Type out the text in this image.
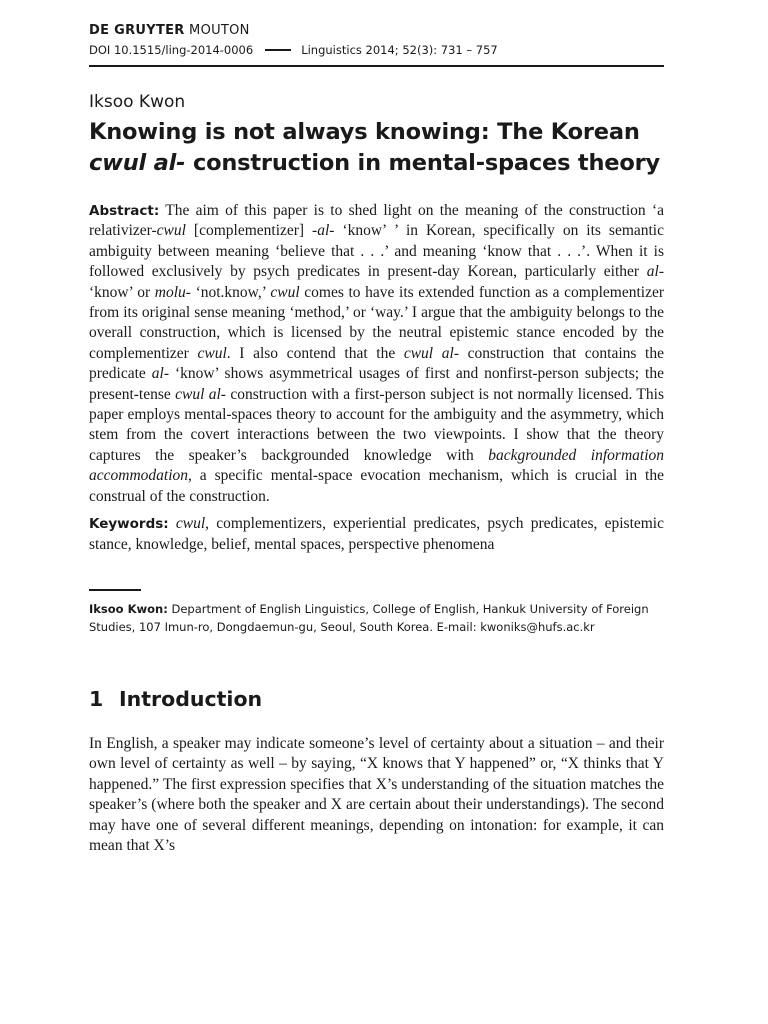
DE GRUYTER MOUTON
DOI 10.1515/ling-2014-0006	Linguistics 2014; 52(3): 731 – 757
Iksoo Kwon
Knowing is not always knowing: The Korean
cwul al- construction in mental-spaces theory
Abstract: The aim of this paper is to shed light on the meaning of the construction ‘a relativizer-cwul [complementizer] -al- ‘know’ ’ in Korean, specifically on its semantic ambiguity between meaning ‘believe that . . .’ and meaning ‘know that . . .’. When it is followed exclusively by psych predicates in present-day Korean, particularly either al- ‘know’ or molu- ‘not.know,’ cwul comes to have its extended function as a complementizer from its original sense meaning ‘method,’ or ‘way.’ I argue that the ambiguity belongs to the overall construction, which is licensed by the neutral epistemic stance encoded by the complementizer cwul. I also contend that the cwul al- construction that contains the predicate al- ‘know’ shows asymmetrical usages of first and nonfirst-person subjects; the present-tense cwul al- construction with a first-person subject is not normally licensed. This paper employs mental-spaces theory to account for the ambiguity and the asymmetry, which stem from the covert interactions between the two viewpoints. I show that the theory captures the speaker’s backgrounded knowledge with backgrounded information accommodation, a specific mental-space evocation mechanism, which is crucial in the construal of the construction.
Keywords: cwul, complementizers, experiential predicates, psych predicates, epistemic stance, knowledge, belief, mental spaces, perspective phenomena
Iksoo Kwon: Department of English Linguistics, College of English, Hankuk University of Foreign Studies, 107 Imun-ro, Dongdaemun-gu, Seoul, South Korea. E-mail: kwoniks@hufs.ac.kr
1 Introduction
In English, a speaker may indicate someone’s level of certainty about a situation – and their own level of certainty as well – by saying, “X knows that Y happened” or, “X thinks that Y happened.” The first expression specifies that X’s understanding of the situation matches the speaker’s (where both the speaker and X are certain about their understandings). The second may have one of several different meanings, depending on intonation: for example, it can mean that X’s
